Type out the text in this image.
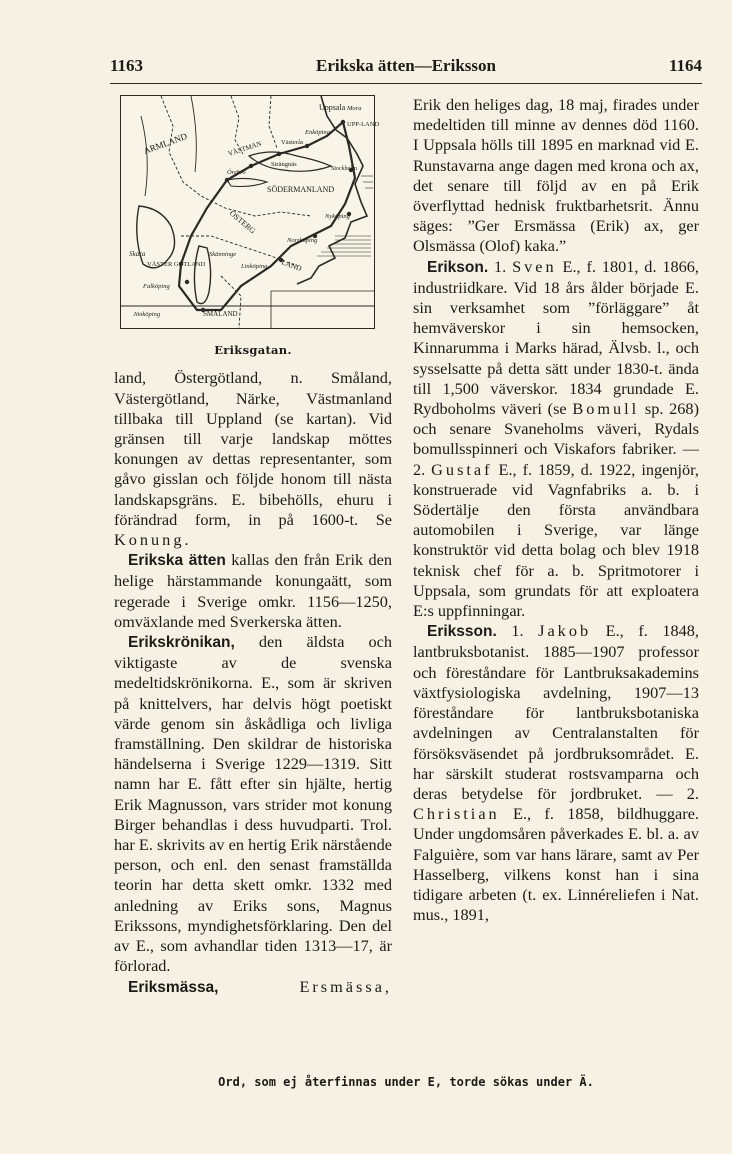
1163	Erikska ätten—Eriksson	1164
Uppsala Mora
UPP-LAND
ARMLAND	VÄSTMAN	Västerås
Enköping
Strängnäs
Örebro	Stockholm
SÖDERMANLAND
Nyköping
ÖSTERG
Norrköping
Skara
VÄSTER GÖTLAND
Skänninge
Linköping LAND
Falköping
Jönköping	SMÅLAND
Eriksgatan.

land, Östergötland, n. Småland, Västergötland, Närke, Västmanland tillbaka till Uppland (se kartan). Vid gränsen till varje landskap möttes konungen av dettas representanter, som gåvo gisslan och följde honom till nästa landskapsgräns. E. bibehölls, ehuru i förändrad form, in på 1600-t. Se Konung.

Erikska ätten kallas den från Erik den helige härstammande konungaätt, som regerade i Sverige omkr. 1156—1250, omväxlande med Sverkerska ätten.

Erikskrönikan, den äldsta och viktigaste av de svenska medeltidskrönikorna. E., som är skriven på knittelvers, har delvis högt poetiskt värde genom sin åskådliga och livliga framställning. Den skildrar de historiska händelserna i Sverige 1229—1319. Sitt namn har E. fått efter sin hjälte, hertig Erik Magnusson, vars strider mot konung Birger behandlas i dess huvudparti. Trol. har E. skrivits av en hertig Erik närstående person, och enl. den senast framställda teorin har detta skett omkr. 1332 med anledning av Eriks sons, Magnus Erikssons, myndighetsförklaring. Den del av E., som avhandlar tiden 1313—17, är förlorad.

Eriksmässa,	Ersmässa,

Erik den heliges dag, 18 maj, firades under medeltiden till minne av dennes död 1160. I Uppsala hölls till 1895 en marknad vid E. Runstavarna ange dagen med krona och ax, det senare till följd av en på Erik överflyttad hednisk fruktbarhetsrit. Ännu säges: ”Ger Ersmässa (Erik) ax, ger Olsmässa (Olof) kaka.”

Erikson. 1. Sven E., f. 1801, d. 1866, industriidkare. Vid 18 års ålder började E. sin verksamhet som ”förläggare” åt hemväverskor i sin hemsocken, Kinnarumma i Marks härad, Älvsb. l., och sysselsatte på detta sätt under 1830-t. ända till 1,500 väverskor. 1834 grundade E. Rydboholms väveri (se Bomull sp. 268) och senare Svaneholms väveri, Rydals bomullsspinneri och Viskafors fabriker. — 2. Gustaf E., f. 1859, d. 1922, ingenjör, konstruerade vid Vagnfabriks a. b. i Södertälje den första användbara automobilen i Sverige, var länge konstruktör vid detta bolag och blev 1918 teknisk chef för a. b. Spritmotorer i Uppsala, som grundats för att exploatera E:s uppfinningar.

Eriksson. 1. Jakob E., f. 1848, lantbruksbotanist. 1885—1907 professor och föreståndare för Lantbruksakademins växtfysiologiska avdelning, 1907—13 föreståndare för lantbruksbotaniska avdelningen av Centralanstalten för försöksväsendet på jordbruksområdet. E. har särskilt studerat rostsvamparna och deras betydelse för jordbruket. — 2. Christian E., f. 1858, bildhuggare. Under ungdomsåren påverkades E. bl. a. av Falguière, som var hans lärare, samt av Per Hasselberg, vilkens konst han i sina tidigare arbeten (t. ex. Linnéreliefen i Nat. mus., 1891,

Ord, som ej återfinnas under E, torde sökas under Ä.
